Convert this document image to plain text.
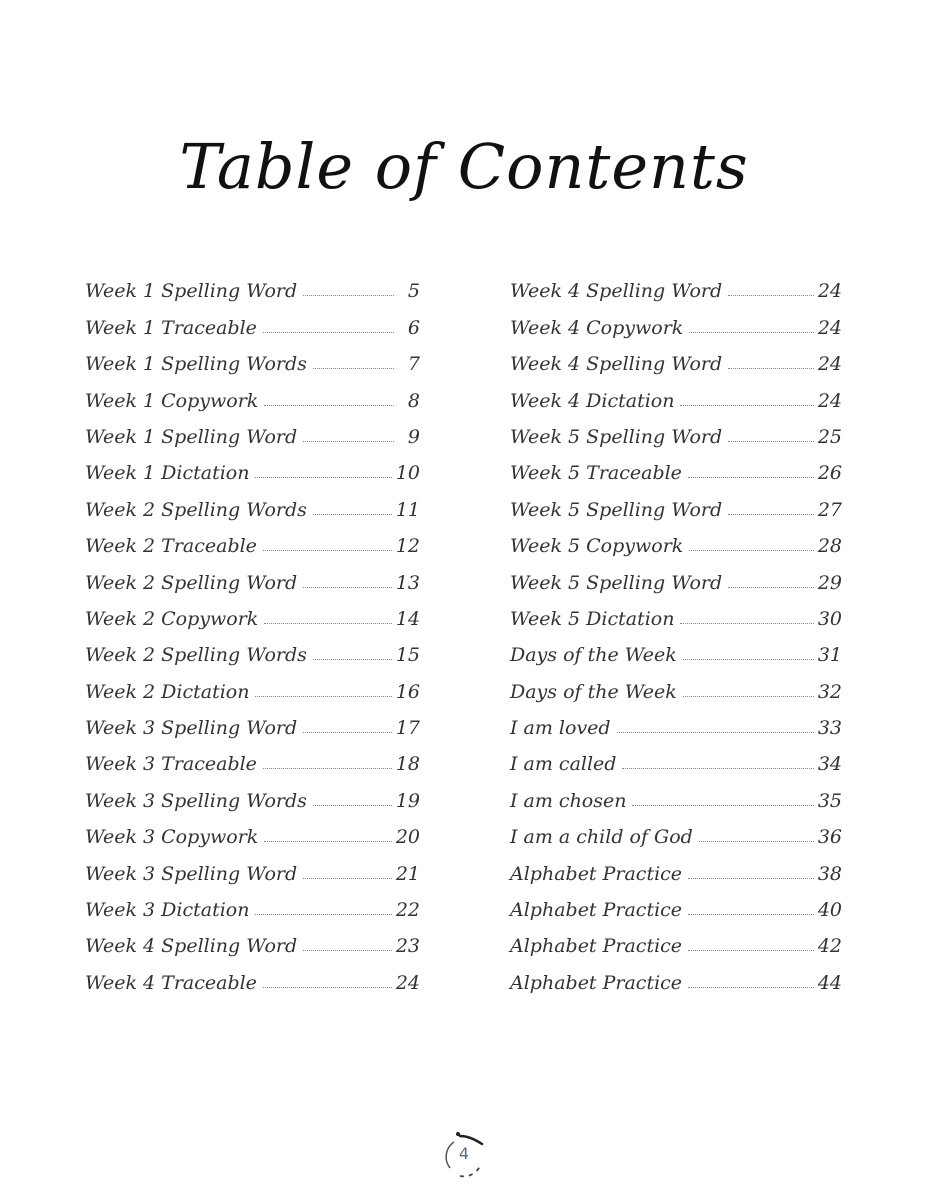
Table of Contents
Week 1 Spelling Word	5
Week 1 Traceable	6
Week 1 Spelling Words	7
Week 1 Copywork	8
Week 1 Spelling Word	9
Week 1 Dictation	10
Week 2 Spelling Words	11
Week 2 Traceable	12
Week 2 Spelling Word	13
Week 2 Copywork	14
Week 2 Spelling Words	15
Week 2 Dictation	16
Week 3 Spelling Word	17
Week 3 Traceable	18
Week 3 Spelling Words	19
Week 3 Copywork	20
Week 3 Spelling Word	21
Week 3 Dictation	22
Week 4 Spelling Word	23
Week 4 Traceable	24
Week 4 Spelling Word	24
Week 4 Copywork	24
Week 4 Spelling Word	24
Week 4 Dictation	24
Week 5 Spelling Word	25
Week 5 Traceable	26
Week 5 Spelling Word	27
Week 5 Copywork	28
Week 5 Spelling Word	29
Week 5 Dictation	30
Days of the Week	31
Days of the Week	32
I am loved	33
I am called	34
I am chosen	35
I am a child of God	36
Alphabet Practice	38
Alphabet Practice	40
Alphabet Practice	42
Alphabet Practice	44
4
